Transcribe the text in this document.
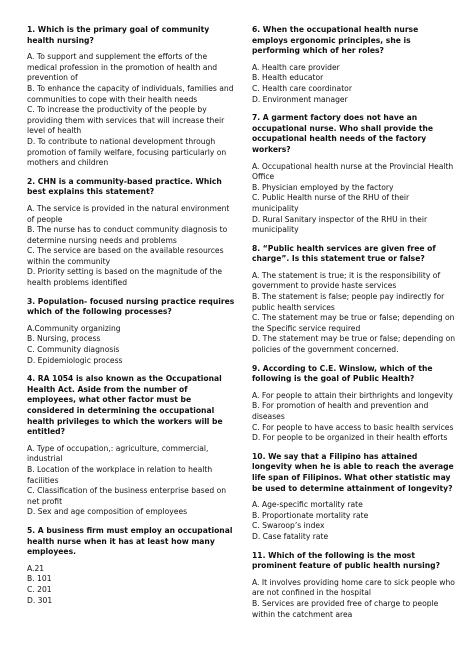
1. Which is the primary goal of community health nursing?
A. To support and supplement the efforts of the medical profession in the promotion of health and prevention of
B. To enhance the capacity of individuals, families and communities to cope with their health needs
C. To increase the productivity of the people by providing them with services that will increase their level of health
D. To contribute to national development through promotion of family welfare, focusing particularly on mothers and children
2. CHN is a community-based practice. Which best explains this statement?
A. The service is provided in the natural environment of people
B. The nurse has to conduct community diagnosis to determine nursing needs and problems
C. The service are based on the available resources within the community
D. Priority setting is based on the magnitude of the health problems identified
3. Population- focused nursing practice requires which of the following processes?
A.Community organizing
B. Nursing, process
C. Community diagnosis
D. Epidemiologic process
4. RA 1054 is also known as the Occupational Health Act. Aside from the number of employees, what other factor must be considered in determining the occupational health privileges to which the workers will be entitled?
A. Type of occupation,: agriculture, commercial, industrial
B. Location of the workplace in relation to health facilities
C. Classification of the business enterprise based on net profit
D. Sex and age composition of employees
5. A business firm must employ an occupational health nurse when it has at least how many employees.
A.21
B. 101
C. 201
D. 301
6. When the occupational health nurse employs ergonomic principles, she is performing which of her roles?
A. Health care provider
B. Health educator
C. Health care coordinator
D. Environment manager
7. A garment factory does not have an occupational nurse. Who shall provide the occupational health needs of the factory workers?
A. Occupational health nurse at the Provincial Health Office
B. Physician employed by the factory
C. Public Health nurse of the RHU of their municipality
D. Rural Sanitary inspector of the RHU in their municipality
8. “Public health services are given free of charge”. Is this statement true or false?
A. The statement is true; it is the responsibility of government to provide haste services
B. The statement is false; people pay indirectly for public health services
C. The statement may be true or false; depending on the Specific service required
D. The statement may be true or false; depending on policies of the government concerned.
9. According to C.E. Winslow, which of the following is the goal of Public Health?
A. For people to attain their birthrights and longevity
B. For promotion of health and prevention and diseases
C. For people to have access to basic health services
D. For people to be organized in their health efforts
10. We say that a Filipino has attained longevity when he is able to reach the average life span of Filipinos. What other statistic may be used to determine attainment of longevity?
A. Age-specific mortality rate
B. Proportionate mortality rate
C. Swaroop’s index
D. Case fatality rate
11. Which of the following is the most prominent feature of public health nursing?
A. It involves providing home care to sick people who are not confined in the hospital
B. Services are provided free of charge to people within the catchment area
